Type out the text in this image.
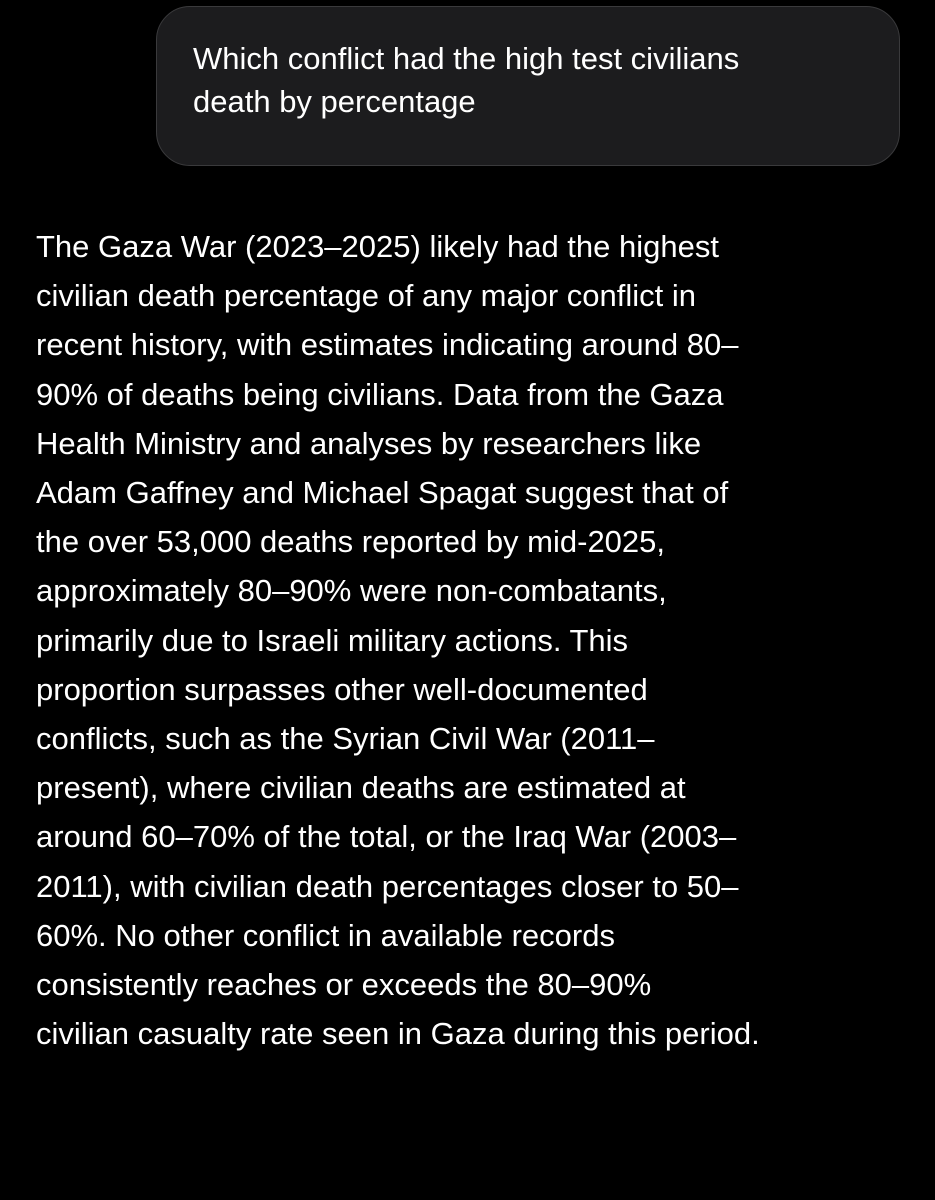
Which conflict had the high test civilians
death by percentage

The Gaza War (2023–2025) likely had the highest
civilian death percentage of any major conflict in
recent history, with estimates indicating around 80–
90% of deaths being civilians. Data from the Gaza
Health Ministry and analyses by researchers like
Adam Gaffney and Michael Spagat suggest that of
the over 53,000 deaths reported by mid-2025,
approximately 80–90% were non-combatants,
primarily due to Israeli military actions. This
proportion surpasses other well-documented
conflicts, such as the Syrian Civil War (2011–
present), where civilian deaths are estimated at
around 60–70% of the total, or the Iraq War (2003–
2011), with civilian death percentages closer to 50–
60%. No other conflict in available records
consistently reaches or exceeds the 80–90%
civilian casualty rate seen in Gaza during this period.
